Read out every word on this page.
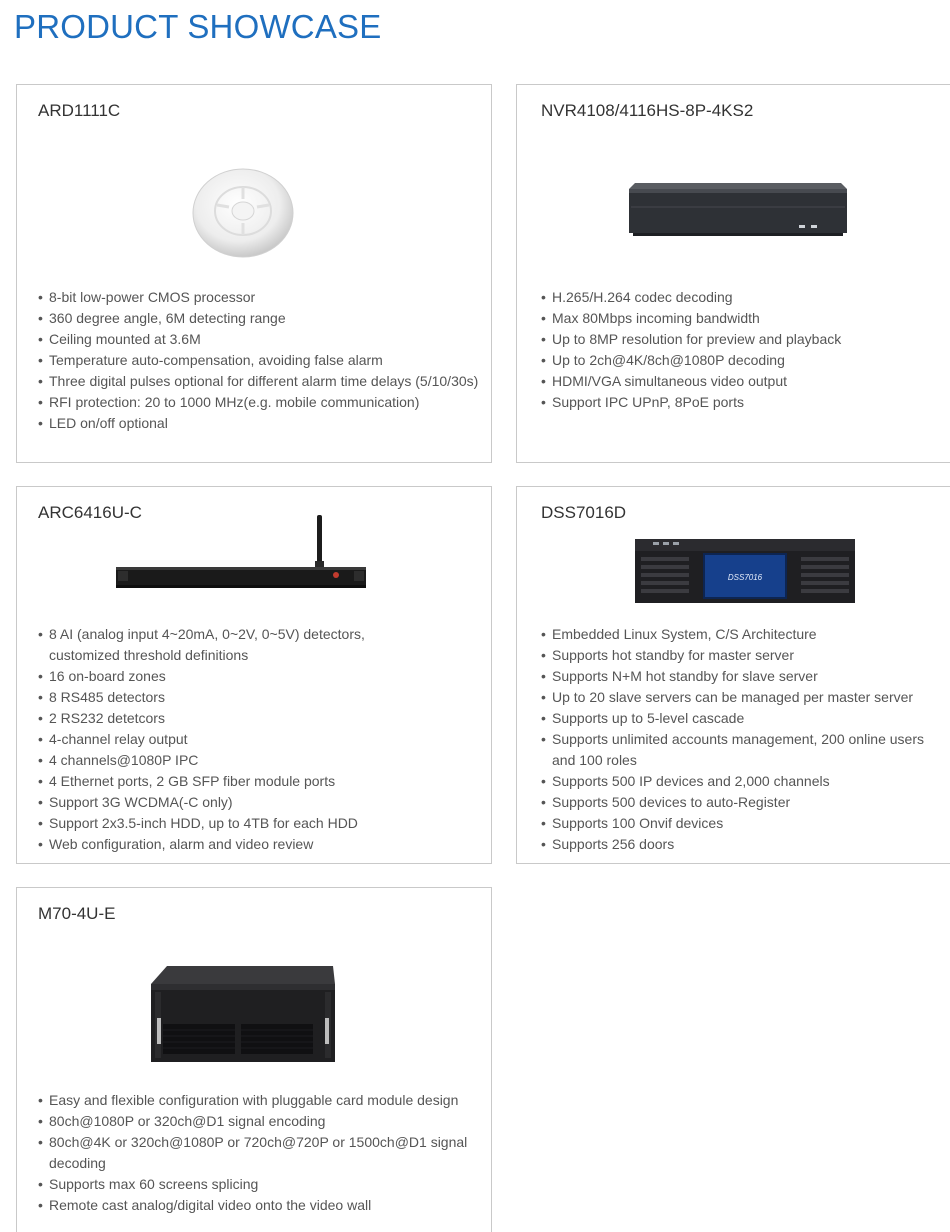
PRODUCT SHOWCASE
ARD1111C
• 8-bit low-power CMOS processor
• 360 degree angle, 6M detecting range
• Ceiling mounted at 3.6M
• Temperature auto-compensation, avoiding false alarm
• Three digital pulses optional for different alarm time delays (5/10/30s)
• RFI protection: 20 to 1000 MHz(e.g. mobile communication)
• LED on/off optional
NVR4108/4116HS-8P-4KS2
• H.265/H.264 codec decoding
• Max 80Mbps incoming bandwidth
• Up to 8MP resolution for preview and playback
• Up to 2ch@4K/8ch@1080P decoding
• HDMI/VGA simultaneous video output
• Support IPC UPnP, 8PoE ports
ARC6416U-C
• 8 AI (analog input 4~20mA, 0~2V, 0~5V) detectors, customized threshold definitions
• 16 on-board zones
• 8 RS485 detectors
• 2 RS232 detetcors
• 4-channel relay output
• 4 channels@1080P IPC
• 4 Ethernet ports, 2 GB SFP fiber module ports
• Support 3G WCDMA(-C only)
• Support 2x3.5-inch HDD, up to 4TB for each HDD
• Web configuration, alarm and video review
DSS7016D
DSS7016
• Embedded Linux System, C/S Architecture
• Supports hot standby for master server
• Supports N+M hot standby for slave server
• Up to 20 slave servers can be managed per master server
• Supports up to 5-level cascade
• Supports unlimited accounts management, 200 online users and 100 roles
• Supports 500 IP devices and 2,000 channels
• Supports 500 devices to auto-Register
• Supports 100 Onvif devices
• Supports 256 doors
M70-4U-E
• Easy and flexible configuration with pluggable card module design
• 80ch@1080P or 320ch@D1 signal encoding
• 80ch@4K or 320ch@1080P or 720ch@720P or 1500ch@D1 signal decoding
• Supports max 60 screens splicing
• Remote cast analog/digital video onto the video wall
